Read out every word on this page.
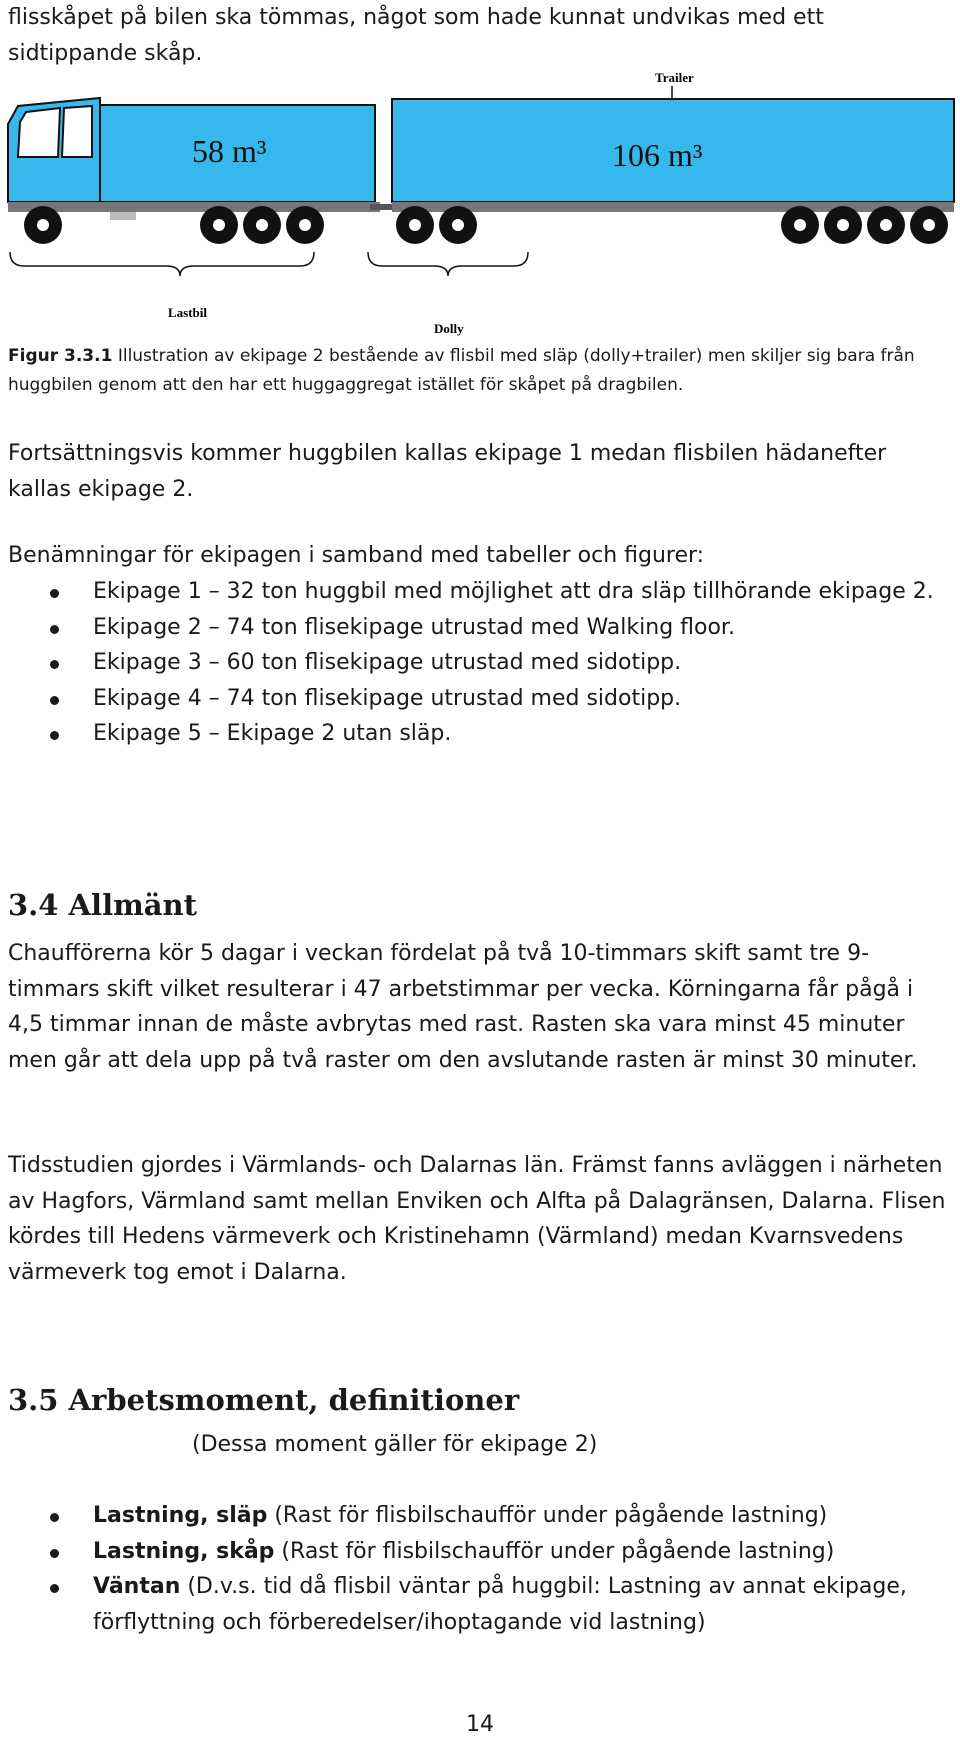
flisskåpet på bilen ska tömmas, något som hade kunnat undvikas med ett sidtippande skåp.
Trailer
58 m³	106 m³
Lastbil
Dolly
Figur 3.3.1 Illustration av ekipage 2 bestående av flisbil med släp (dolly+trailer) men skiljer sig bara från huggbilen genom att den har ett huggaggregat istället för skåpet på dragbilen.
Fortsättningsvis kommer huggbilen kallas ekipage 1 medan flisbilen hädanefter kallas ekipage 2.
Benämningar för ekipagen i samband med tabeller och figurer:
Ekipage 1 – 32 ton huggbil med möjlighet att dra släp tillhörande ekipage 2.
Ekipage 2 – 74 ton flisekipage utrustad med Walking floor.
Ekipage 3 – 60 ton flisekipage utrustad med sidotipp.
Ekipage 4 – 74 ton flisekipage utrustad med sidotipp.
Ekipage 5 – Ekipage 2 utan släp.
3.4 Allmänt
Chaufförerna kör 5 dagar i veckan fördelat på två 10-timmars skift samt tre 9-timmars skift vilket resulterar i 47 arbetstimmar per vecka. Körningarna får pågå i 4,5 timmar innan de måste avbrytas med rast. Rasten ska vara minst 45 minuter men går att dela upp på två raster om den avslutande rasten är minst 30 minuter.
Tidsstudien gjordes i Värmlands- och Dalarnas län. Främst fanns avläggen i närheten av Hagfors, Värmland samt mellan Enviken och Alfta på Dalagränsen, Dalarna. Flisen kördes till Hedens värmeverk och Kristinehamn (Värmland) medan Kvarnsvedens värmeverk tog emot i Dalarna.
3.5 Arbetsmoment, definitioner
(Dessa moment gäller för ekipage 2)
Lastning, släp (Rast för flisbilschaufför under pågående lastning)
Lastning, skåp (Rast för flisbilschaufför under pågående lastning)
Väntan (D.v.s. tid då flisbil väntar på huggbil: Lastning av annat ekipage, förflyttning och förberedelser/ihoptagande vid lastning)
14
